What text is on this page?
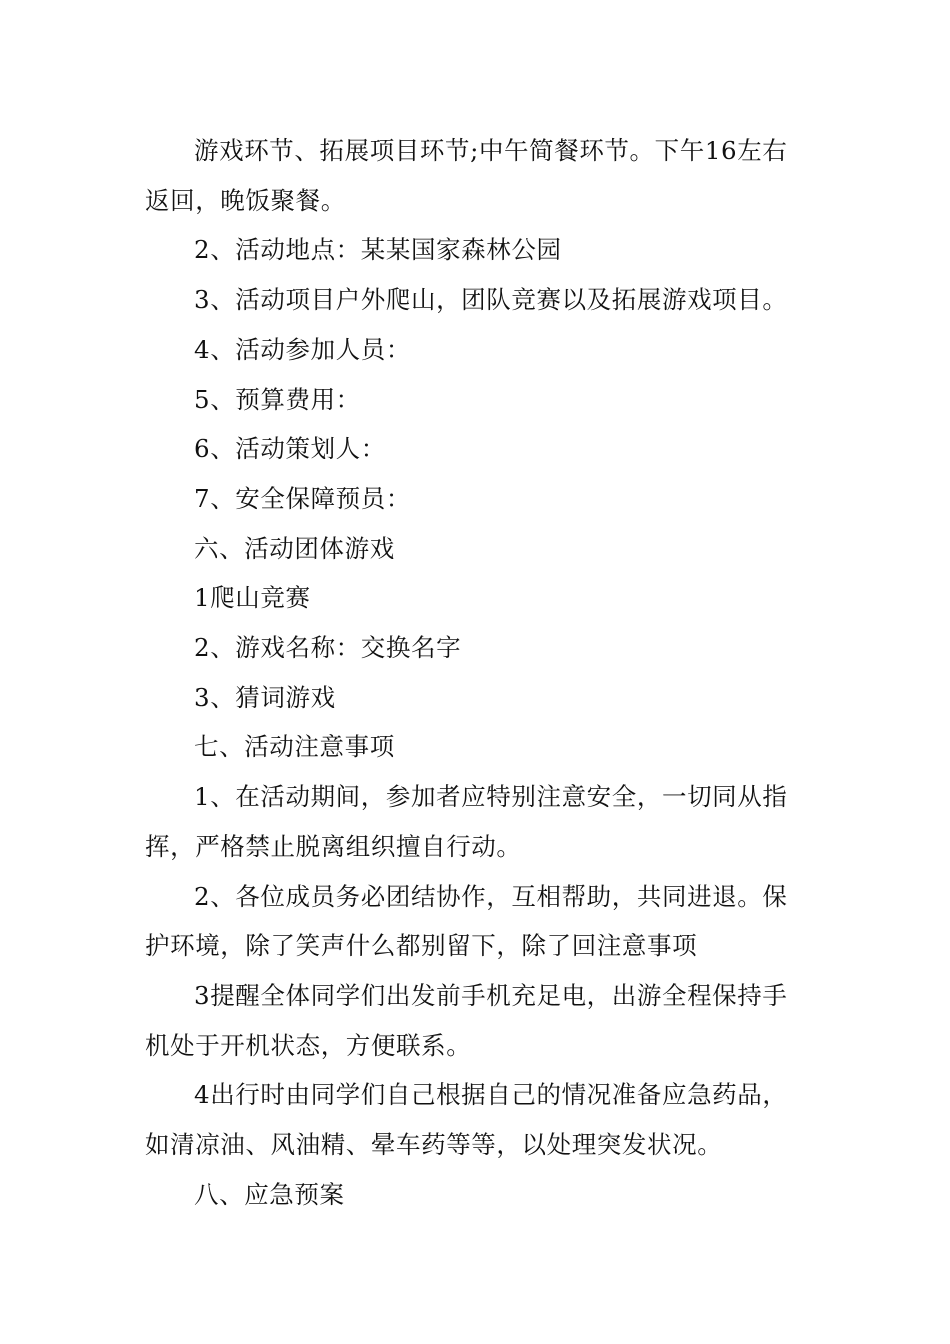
游戏环节、拓展项目环节;中午简餐环节。下午16左右返回，晚饭聚餐。

2、活动地点：某某国家森林公园

3、活动项目户外爬山，团队竞赛以及拓展游戏项目。

4、活动参加人员：

5、预算费用：

6、活动策划人：

7、安全保障预员：

六、活动团体游戏

1爬山竞赛

2、游戏名称：交换名字

3、猜词游戏

七、活动注意事项

1、在活动期间，参加者应特别注意安全，一切同从指挥，严格禁止脱离组织擅自行动。

2、各位成员务必团结协作，互相帮助，共同进退。保护环境，除了笑声什么都别留下，除了回注意事项

3提醒全体同学们出发前手机充足电，出游全程保持手机处于开机状态，方便联系。

4出行时由同学们自己根据自己的情况准备应急药品，如清凉油、风油精、晕车药等等，以处理突发状况。

八、应急预案
